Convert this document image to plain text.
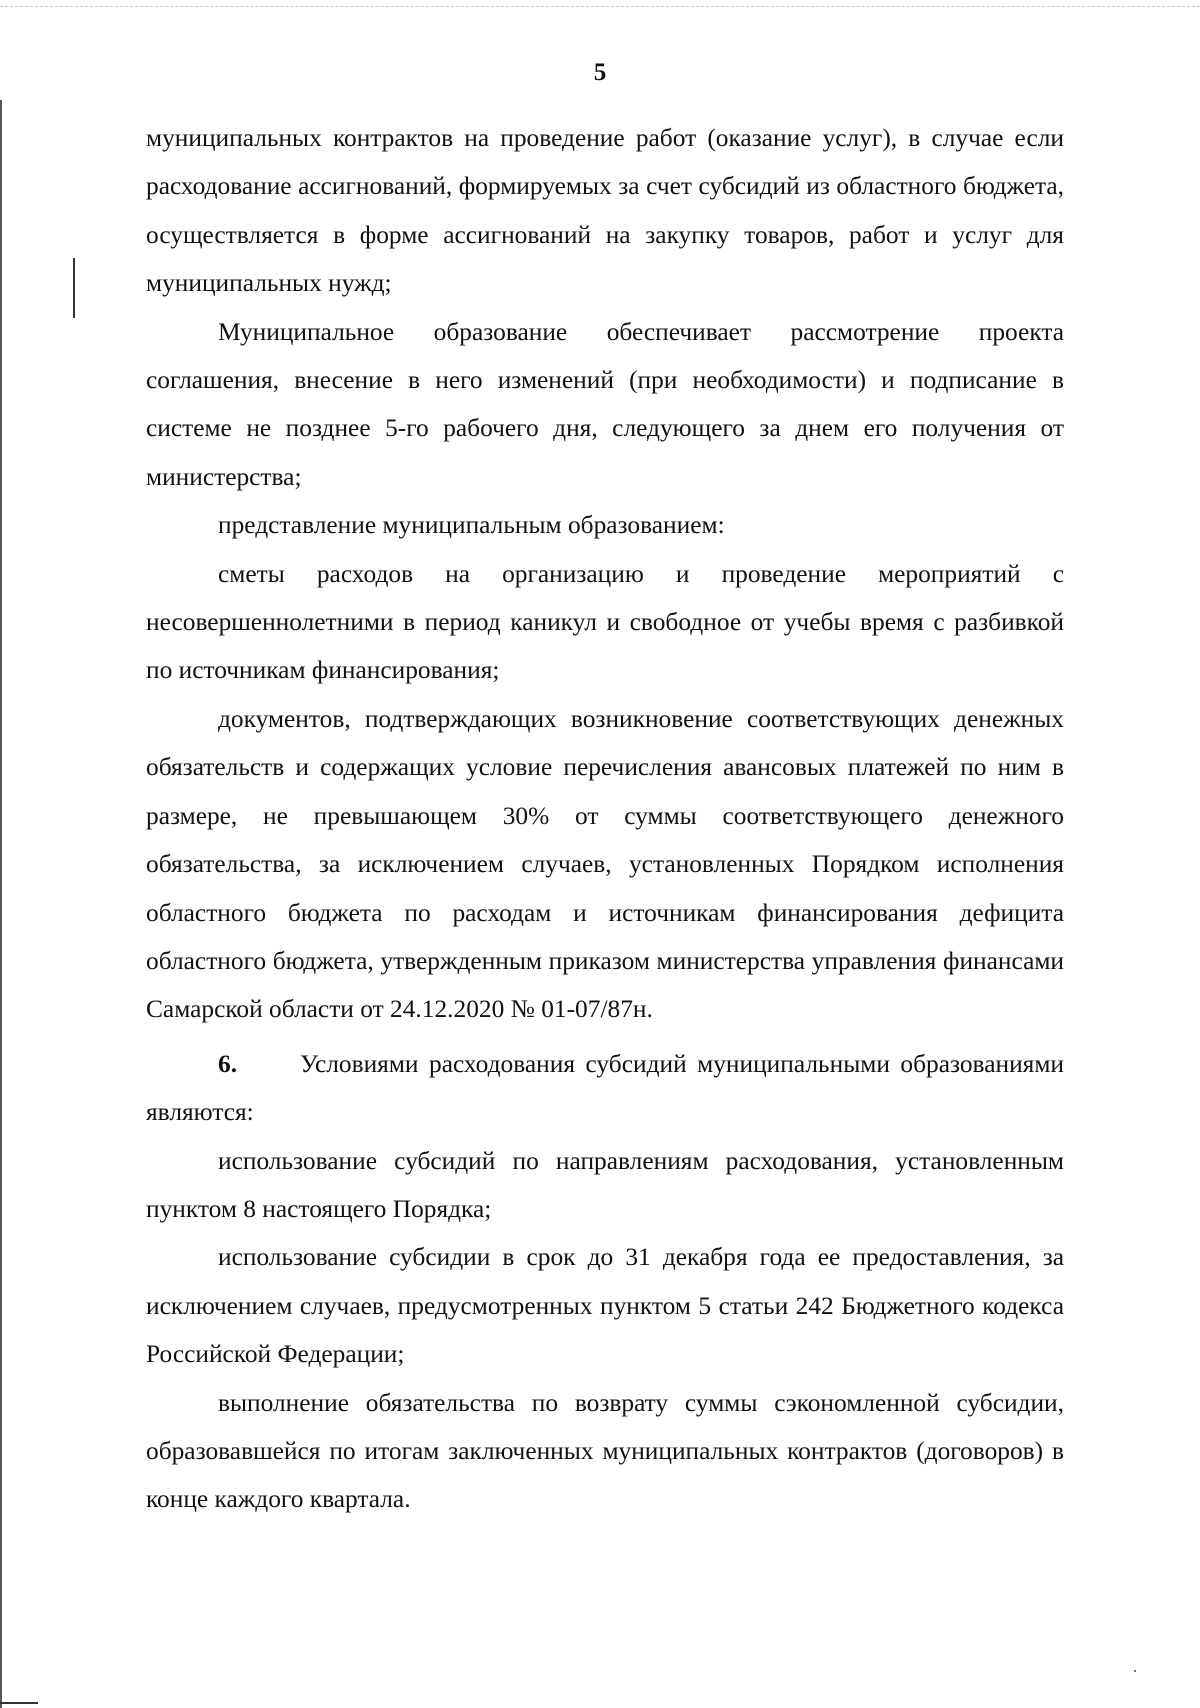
5

муниципальных контрактов на проведение работ (оказание услуг), в случае если расходование ассигнований, формируемых за счет субсидий из областного бюджета, осуществляется в форме ассигнований на закупку товаров, работ и услуг для муниципальных нужд;

Муниципальное образование обеспечивает рассмотрение проекта соглашения, внесение в него изменений (при необходимости) и подписание в системе не позднее 5-го рабочего дня, следующего за днем его получения от министерства;

представление муниципальным образованием:

сметы расходов на организацию и проведение мероприятий с несовершеннолетними в период каникул и свободное от учебы время с разбивкой по источникам финансирования;

документов, подтверждающих возникновение соответствующих денежных обязательств и содержащих условие перечисления авансовых платежей по ним в размере, не превышающем 30% от суммы соответствующего денежного обязательства, за исключением случаев, установленных Порядком исполнения областного бюджета по расходам и источникам финансирования дефицита областного бюджета, утвержденным приказом министерства управления финансами Самарской области от 24.12.2020 № 01-07/87н.

6. Условиями расходования субсидий муниципальными образованиями являются:

использование субсидий по направлениям расходования, установленным пунктом 8 настоящего Порядка;

использование субсидии в срок до 31 декабря года ее предоставления, за исключением случаев, предусмотренных пунктом 5 статьи 242 Бюджетного кодекса Российской Федерации;

выполнение обязательства по возврату суммы сэкономленной субсидии, образовавшейся по итогам заключенных муниципальных контрактов (договоров) в конце каждого квартала.
